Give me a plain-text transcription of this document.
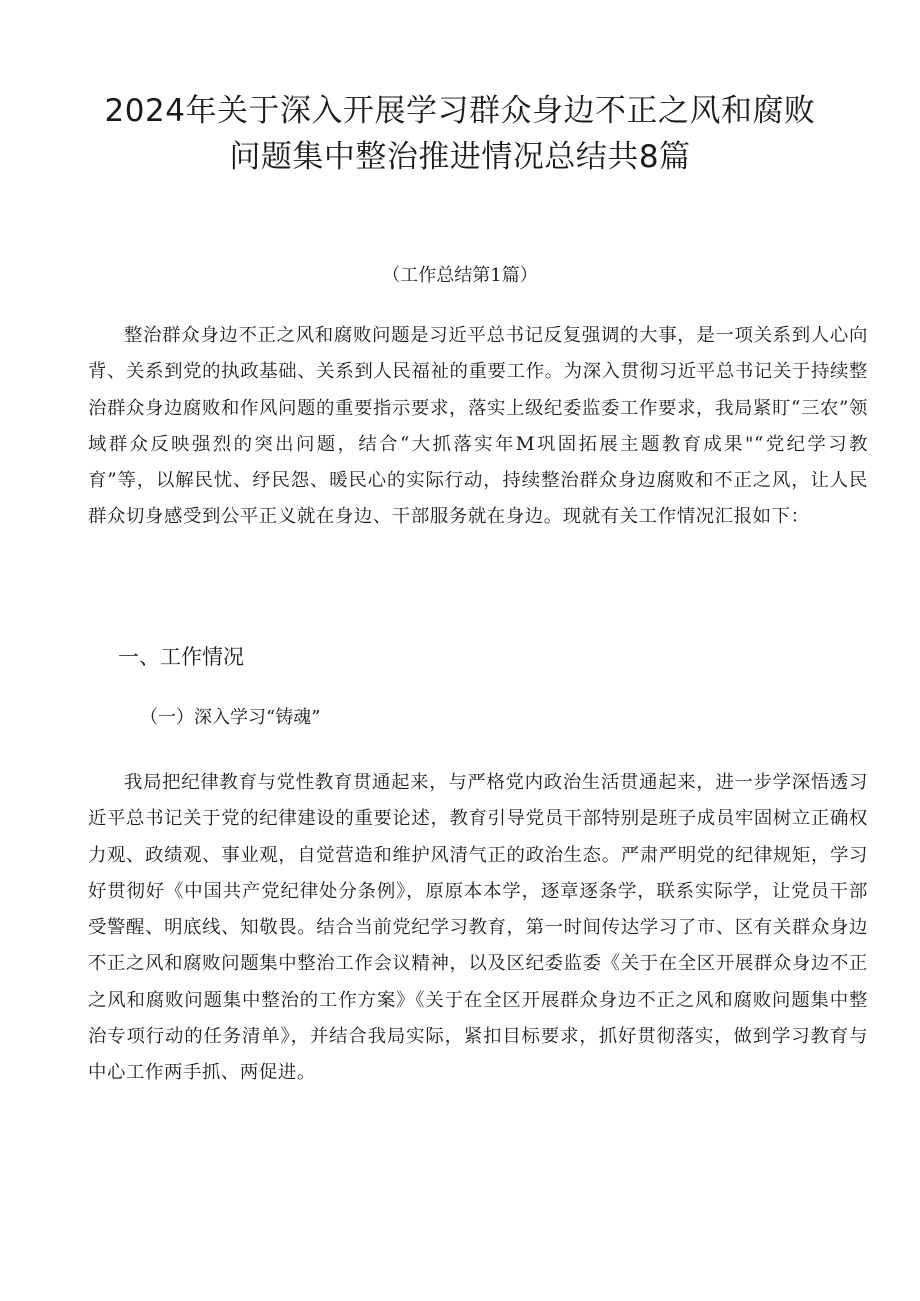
2024年关于深入开展学习群众身边不正之风和腐败
问题集中整治推进情况总结共8篇
（工作总结第1篇）

整治群众身边不正之风和腐败问题是习近平总书记反复强调的大事，是一项关系到人心向背、关系到党的执政基础、关系到人民福祉的重要工作。为深入贯彻习近平总书记关于持续整治群众身边腐败和作风问题的重要指示要求，落实上级纪委监委工作要求，我局紧盯“三农”领域群众反映强烈的突出问题，结合“大抓落实年M巩固拓展主题教育成果"“党纪学习教育”等，以解民忧、纾民怨、暖民心的实际行动，持续整治群众身边腐败和不正之风，让人民群众切身感受到公平正义就在身边、干部服务就在身边。现就有关工作情况汇报如下：

一、工作情况
（一）深入学习“铸魂”

我局把纪律教育与党性教育贯通起来，与严格党内政治生活贯通起来，进一步学深悟透习近平总书记关于党的纪律建设的重要论述，教育引导党员干部特别是班子成员牢固树立正确权力观、政绩观、事业观，自觉营造和维护风清气正的政治生态。严肃严明党的纪律规矩，学习好贯彻好《中国共产党纪律处分条例》，原原本本学，逐章逐条学，联系实际学，让党员干部受警醒、明底线、知敬畏。结合当前党纪学习教育，第一时间传达学习了市、区有关群众身边不正之风和腐败问题集中整治工作会议精神，以及区纪委监委《关于在全区开展群众身边不正之风和腐败问题集中整治的工作方案》《关于在全区开展群众身边不正之风和腐败问题集中整治专项行动的任务清单》，并结合我局实际，紧扣目标要求，抓好贯彻落实，做到学习教育与中心工作两手抓、两促进。
